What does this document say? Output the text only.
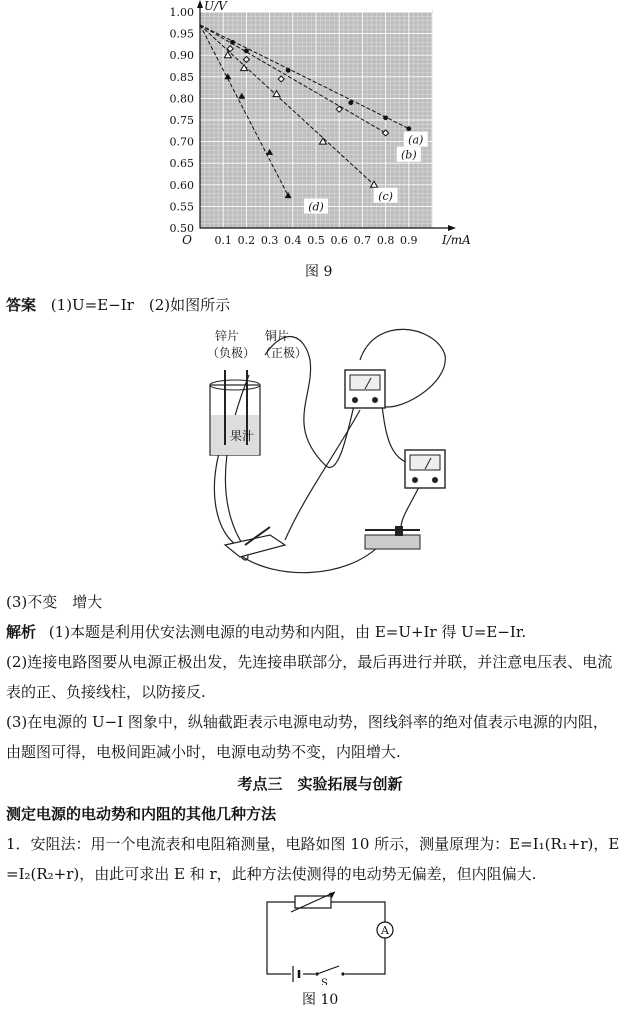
(a)
(b)
(c)
(d)
1.00
0.95
0.90
0.85
0.80
0.75
0.70
0.65
0.60
0.55
0.50
0.1 0.2 0.3 0.4 0.5 0.6 0.7 0.8 0.9
O
U/V
I/mA
图 9
答案 (1)U=E−Ir　(2)如图所示
果汁
锌片
（负极）
铜片
（正极）
(3)不变　增大
解析 (1)本题是利用伏安法测电源的电动势和内阻，由 E=U+Ir 得 U=E−Ir.
(2)连接电路图要从电源正极出发，先连接串联部分，最后再进行并联，并注意电压表、电流
表的正、负接线柱，以防接反.
(3)在电源的 U−I 图象中，纵轴截距表示电源电动势，图线斜率的绝对值表示电源的内阻，
由题图可得，电极间距减小时，电源电动势不变，内阻增大.
考点三　实验拓展与创新
测定电源的电动势和内阻的其他几种方法
1．安阻法：用一个电流表和电阻箱测量，电路如图 10 所示，测量原理为：E=I₁(R₁+r)，E
=I₂(R₂+r)，由此可求出 E 和 r，此种方法使测得的电动势无偏差，但内阻偏大.
A
S
图 10
